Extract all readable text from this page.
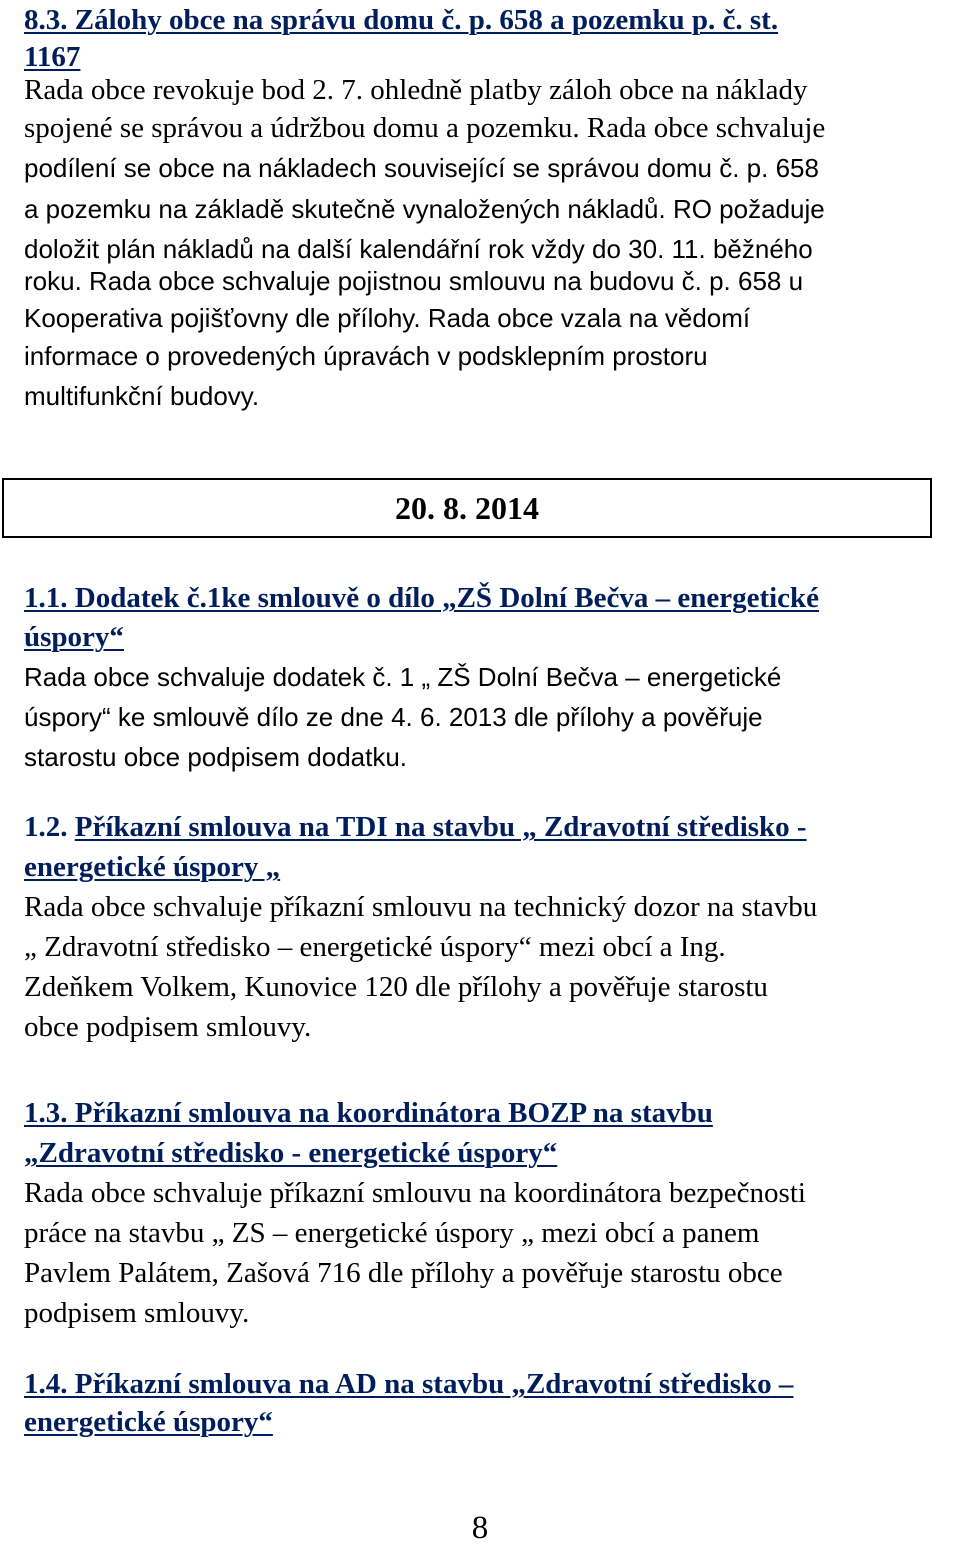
8.3. Zálohy obce na správu domu č. p. 658 a pozemku p. č. st.
1167
Rada obce revokuje bod 2. 7. ohledně platby záloh obce na náklady
spojené se správou a údržbou domu a pozemku. Rada obce schvaluje
podílení se obce na nákladech související se správou domu č. p. 658
a pozemku na základě skutečně vynaložených nákladů. RO požaduje
doložit plán nákladů na další kalendářní rok vždy do 30. 11. běžného
roku. Rada obce schvaluje pojistnou smlouvu na budovu č. p. 658 u
Kooperativa pojišťovny dle přílohy. Rada obce vzala na vědomí
informace o provedených úpravách v podsklepním prostoru
multifunkční budovy.
1.1. Dodatek č.1ke smlouvě o dílo „ZŠ Dolní Bečva – energetické
úspory“
Rada obce schvaluje dodatek č. 1 „ ZŠ Dolní Bečva – energetické
úspory“ ke smlouvě dílo ze dne 4. 6. 2013 dle přílohy a pověřuje
starostu obce podpisem dodatku.
1.2. Příkazní smlouva na TDI na stavbu „ Zdravotní středisko -
energetické úspory „
Rada obce schvaluje příkazní smlouvu na technický dozor na stavbu
„ Zdravotní středisko – energetické úspory“ mezi obcí a Ing.
Zdeňkem Volkem, Kunovice 120 dle přílohy a pověřuje starostu
obce podpisem smlouvy.
1.3. Příkazní smlouva na koordinátora BOZP na stavbu
„Zdravotní středisko - energetické úspory“
Rada obce schvaluje příkazní smlouvu na koordinátora bezpečnosti
práce na stavbu „ ZS – energetické úspory „ mezi obcí a panem
Pavlem Palátem, Zašová 716 dle přílohy a pověřuje starostu obce
podpisem smlouvy.
1.4. Příkazní smlouva na AD na stavbu „Zdravotní středisko –
energetické úspory“
20. 8. 2014
8
